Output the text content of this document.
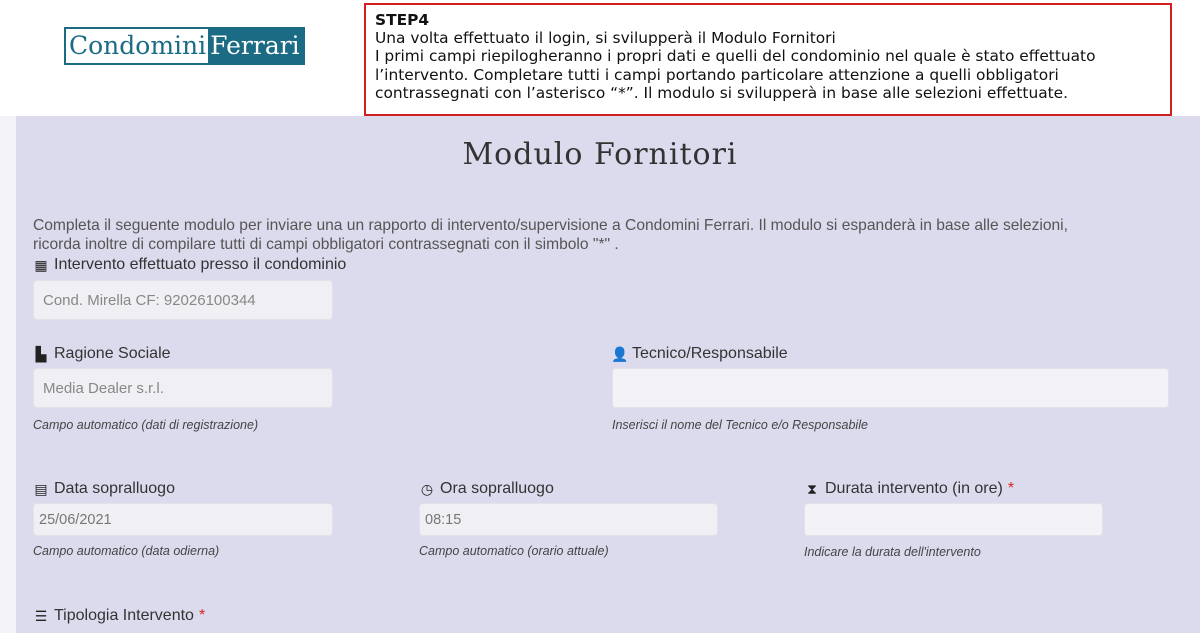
Condomini Ferrari
STEP4
Una volta effettuato il login, si svilupperà il Modulo Fornitori
I primi campi riepilogheranno i propri dati e quelli del condominio nel quale è stato effettuato
l’intervento. Completare tutti i campi portando particolare attenzione a quelli obbligatori
contrassegnati con l’asterisco “*”. Il modulo si svilupperà in base alle selezioni effettuate.
Modulo Fornitori
Completa il seguente modulo per inviare una un rapporto di intervento/supervisione a Condomini Ferrari. Il modulo si espanderà in base alle selezioni,
ricorda inoltre di compilare tutti di campi obbligatori contrassegnati con il simbolo "*" .
▦ Intervento effettuato presso il condominio
Cond. Mirella CF: 92026100344
▙ Ragione Sociale
Media Dealer s.r.l.
Campo automatico (dati di registrazione)
👤 Tecnico/Responsabile
Inserisci il nome del Tecnico e/o Responsabile
▤ Data sopralluogo
25/06/2021
Campo automatico (data odierna)
◷ Ora sopralluogo
08:15
Campo automatico (orario attuale)
⧗ Durata intervento (in ore) *
Indicare la durata dell'intervento
☰ Tipologia Intervento *
